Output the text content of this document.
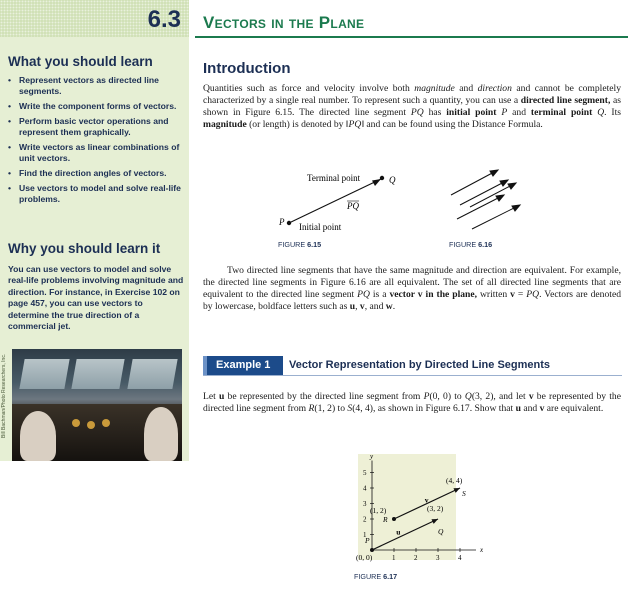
6.3
What you should learn
• Represent vectors as directed line segments.
• Write the component forms of vectors.
• Perform basic vector operations and represent them graphically.
• Write vectors as linear combinations of unit vectors.
• Find the direction angles of vectors.
• Use vectors to model and solve real-life problems.
Why you should learn it
You can use vectors to model and solve real-life problems involving magnitude and direction. For instance, in Exercise 102 on page 457, you can use vectors to determine the true direction of a commercial jet.
Bill Bachman/Photo Researchers, Inc.
Vectors in the Plane
Introduction
Quantities such as force and velocity involve both magnitude and direction and cannot be completely characterized by a single real number. To represent such a quantity, you can use a directed line segment, as shown in Figure 6.15. The directed line segment PQ has initial point P and terminal point Q. Its magnitude (or length) is denoted by ‖PQ‖ and can be found using the Distance Formula.
Terminal point	Q
PQ
P Initial point
FIGURE 6.15	FIGURE 6.16
Two directed line segments that have the same magnitude and direction are equivalent. For example, the directed line segments in Figure 6.16 are all equivalent. The set of all directed line segments that are equivalent to the directed line segment PQ is a vector v in the plane, written v = PQ. Vectors are denoted by lowercase, boldface letters such as u, v, and w.
Example 1 Vector Representation by Directed Line Segments
Let u be represented by the directed line segment from P(0, 0) to Q(3, 2), and let v be represented by the directed line segment from R(1, 2) to S(4, 4), as shown in Figure 6.17. Show that u and v are equivalent.
x
y
1	2	3	4
1
2
3
4
5
(4, 4)
S
(1, 2)
R
v
(3, 2)
Q
u
P
(0, 0)
FIGURE 6.17
